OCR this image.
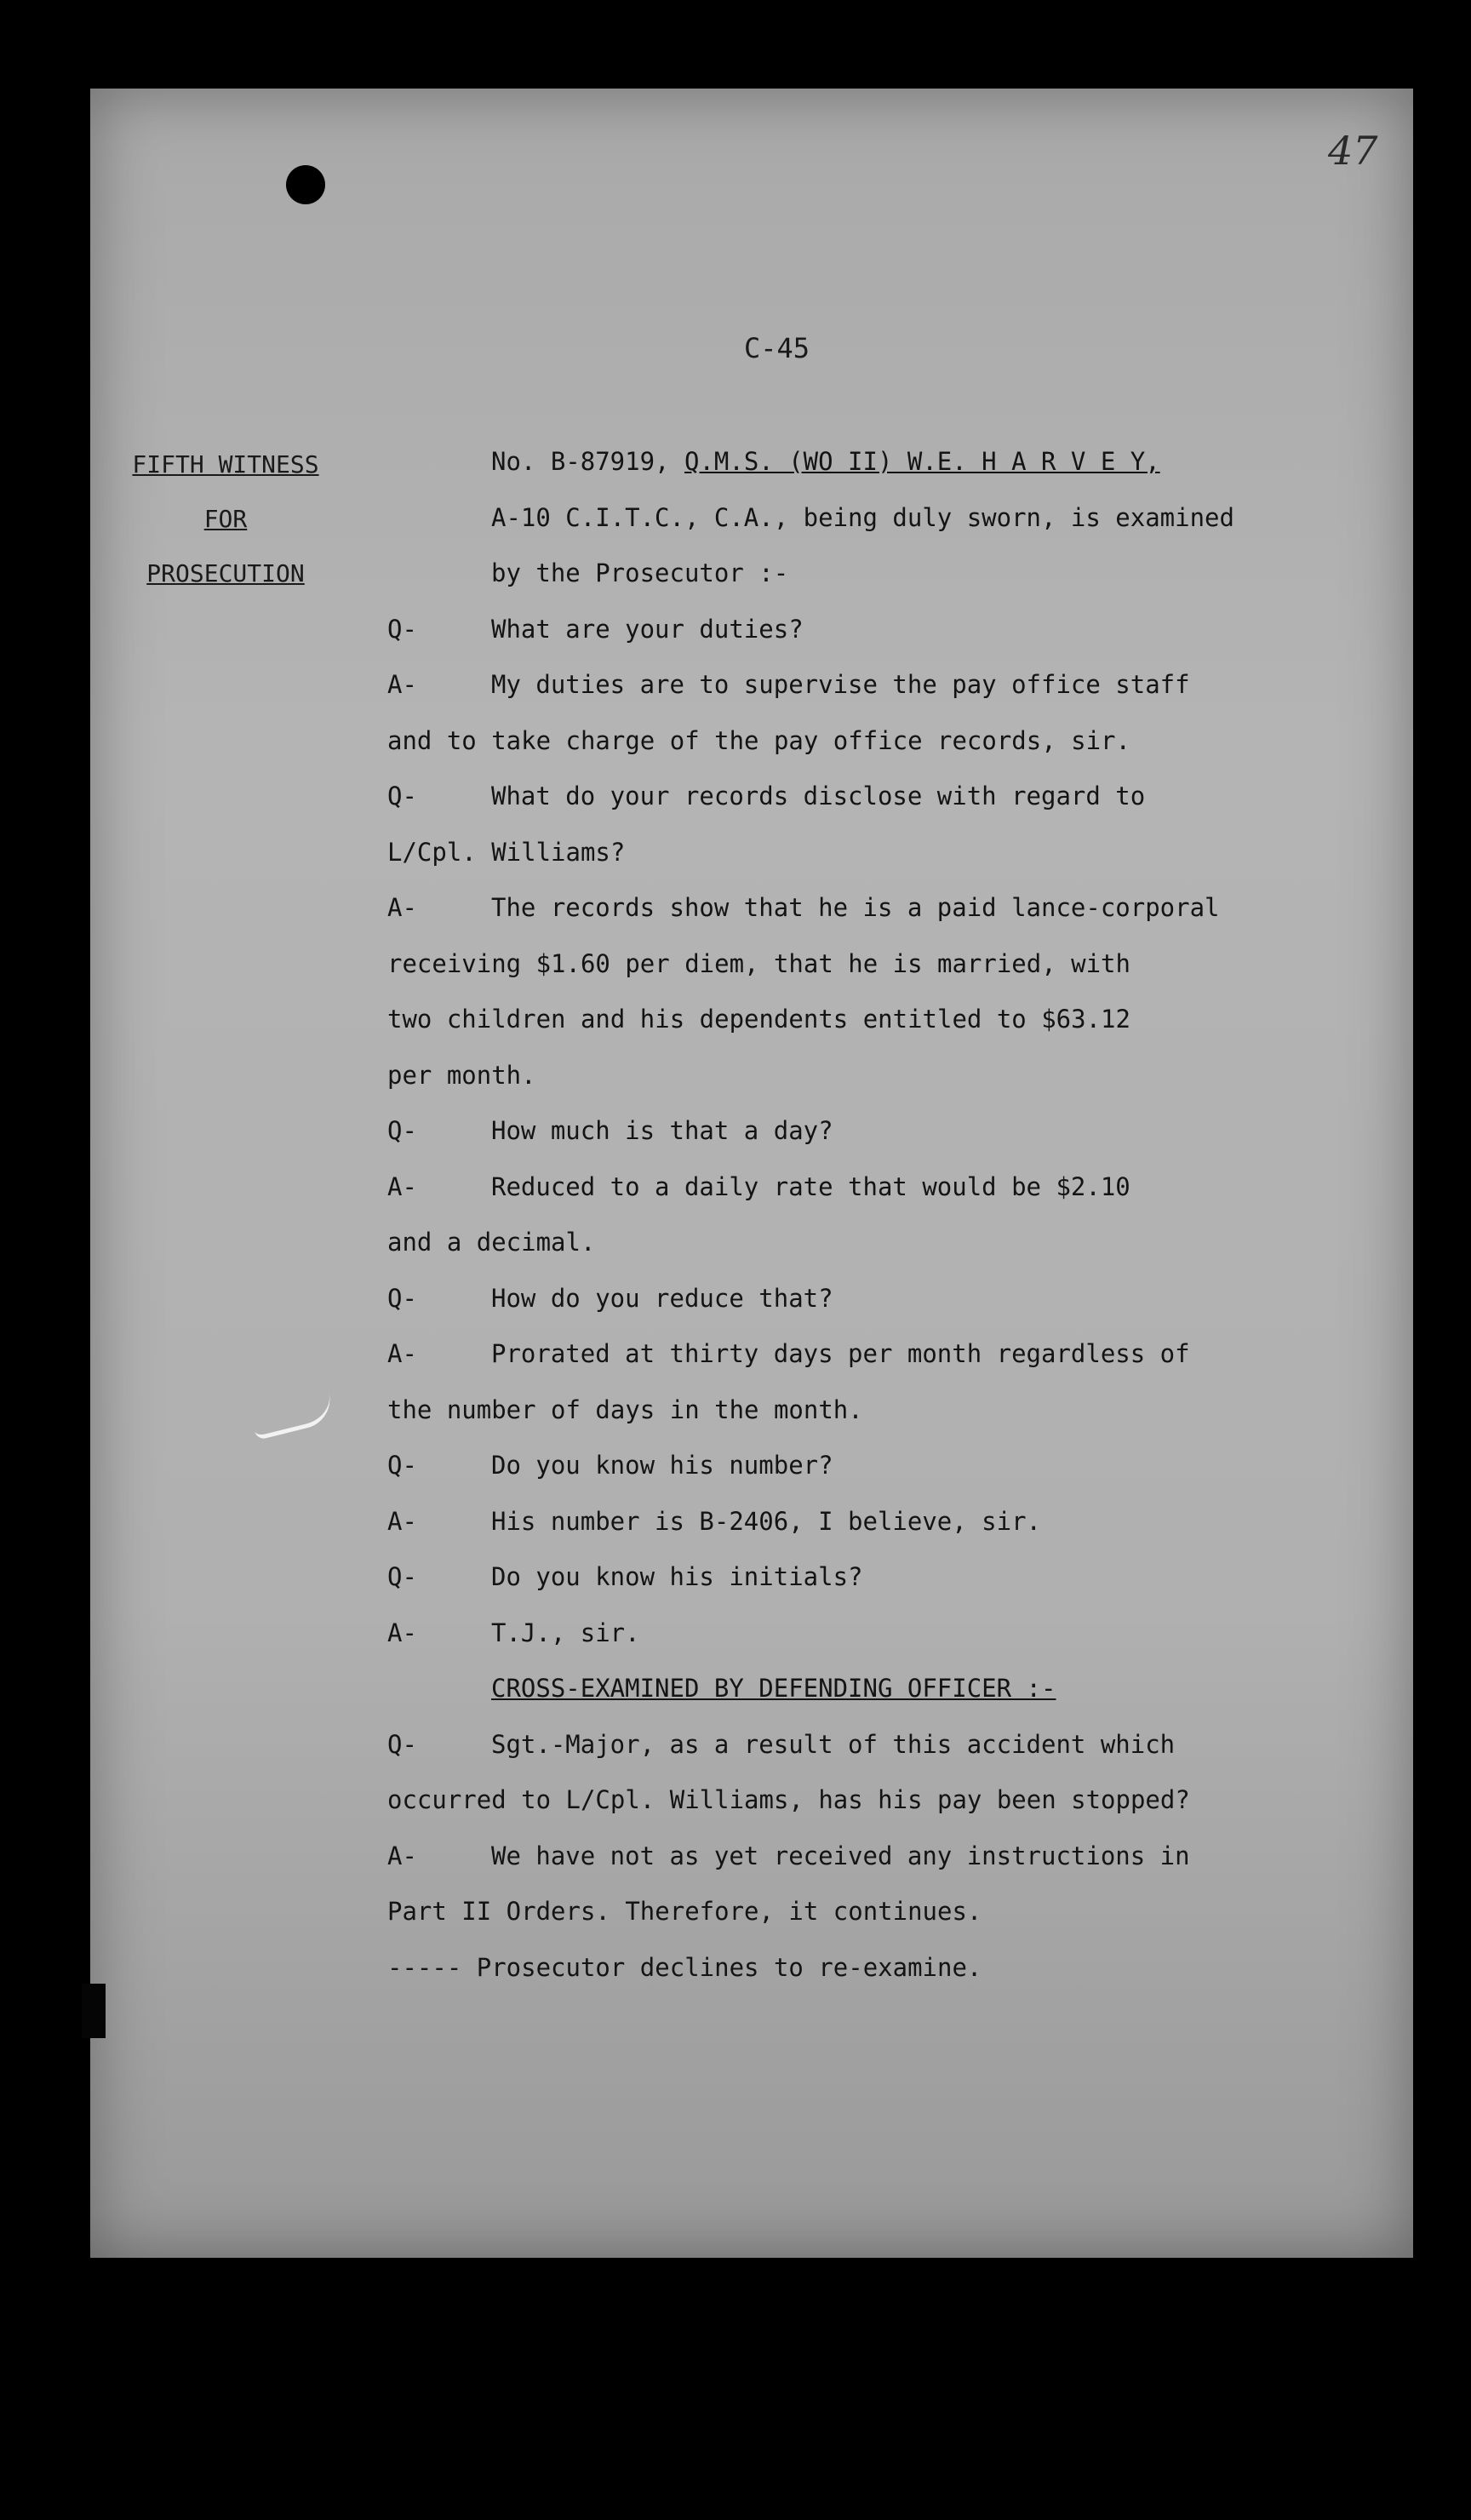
47
C-45
FIFTH WITNESS
FOR
PROSECUTION
No. B-87919, Q.M.S. (WO II) W.E. H A R V E Y,
A-10 C.I.T.C., C.A., being duly sworn, is examined
by the Prosecutor :-
Q-	What are your duties?
A-	My duties are to supervise the pay office staff
and to take charge of the pay office records, sir.
Q-	What do your records disclose with regard to
L/Cpl. Williams?
A-	The records show that he is a paid lance-corporal
receiving $1.60 per diem, that he is married, with
two children and his dependents entitled to $63.12
per month.
Q-	How much is that a day?
A-	Reduced to a daily rate that would be $2.10
and a decimal.
Q-	How do you reduce that?
A-	Prorated at thirty days per month regardless of
the number of days in the month.
Q-	Do you know his number?
A-	His number is B-2406, I believe, sir.
Q-	Do you know his initials?
A-	T.J., sir.
CROSS-EXAMINED BY DEFENDING OFFICER :-
Q-	Sgt.-Major, as a result of this accident which
occurred to L/Cpl. Williams, has his pay been stopped?
A-	We have not as yet received any instructions in
Part II Orders. Therefore, it continues.
----- Prosecutor declines to re-examine.
